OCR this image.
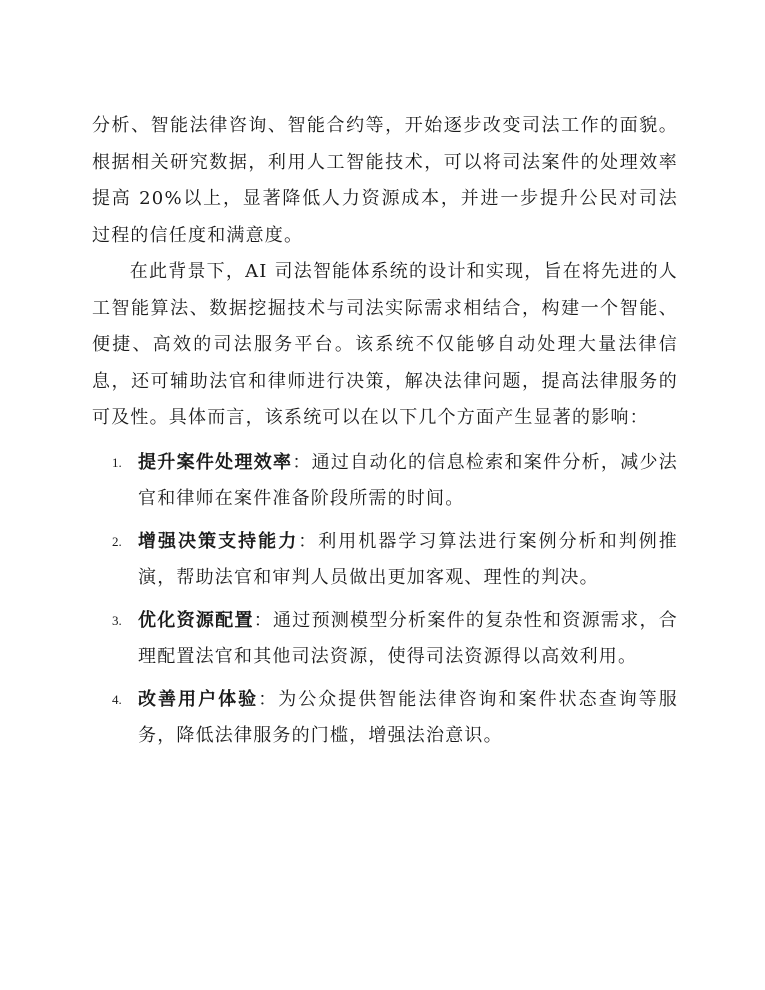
分析、智能法律咨询、智能合约等，开始逐步改变司法工作的面貌。根据相关研究数据，利用人工智能技术，可以将司法案件的处理效率提高 20%以上，显著降低人力资源成本，并进一步提升公民对司法过程的信任度和满意度。

在此背景下，AI 司法智能体系统的设计和实现，旨在将先进的人工智能算法、数据挖掘技术与司法实际需求相结合，构建一个智能、便捷、高效的司法服务平台。该系统不仅能够自动处理大量法律信息，还可辅助法官和律师进行决策，解决法律问题，提高法律服务的可及性。具体而言，该系统可以在以下几个方面产生显著的影响：

1. 提升案件处理效率：通过自动化的信息检索和案件分析，减少法官和律师在案件准备阶段所需的时间。
2. 增强决策支持能力：利用机器学习算法进行案例分析和判例推演，帮助法官和审判人员做出更加客观、理性的判决。
3. 优化资源配置：通过预测模型分析案件的复杂性和资源需求，合理配置法官和其他司法资源，使得司法资源得以高效利用。
4. 改善用户体验：为公众提供智能法律咨询和案件状态查询等服务，降低法律服务的门槛，增强法治意识。
